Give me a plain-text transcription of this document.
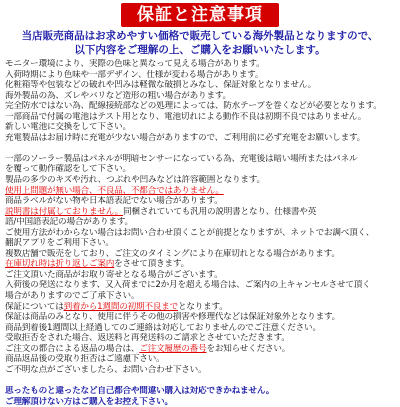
保証と注意事項
当店販売商品はお求めやすい価格で販売している海外製品となりますので、
以下内容をご理解の上、ご購入をお願いいたします。
モニター環境により、実際の色味と異なって見える場合があります。
入荷時期により色味や一部デザイン、仕様が変わる場合があります。
化粧箱等や包装などの破れや凹みは軽微な破損とみなし、保証対象となりません。
海外製品の為、ズレやバリなど造形の粗い場合があります。
完全防水ではない為、配線接続部などの処理によっては、防水テープを巻くなどが必要となります。
一部商品で付属の電池はテスト用となり、電池切れによる動作不良は初期不良ではありません。
新しい電池に交換をして下さい。
充電製品はお届け時に充電が少ない場合がありますので、ご利用前に必ず充電をお願いします。

一部のソーラー製品はパネルが明暗センサーになっている為、充電後は暗い場所またはパネル
を覆って動作確認をして下さい。
製品の多少のキズや汚れ、つぶれや凹みなどは許容範囲となります。
使用上問題が無い場合、不良品、不都合ではありません。
商品ラベルがない物や日本語表記でない場合があります。
説明書は付属しておりません。同梱されていても汎用の説明書となり、仕様書や英
語/中国語表記の場合があります。
ご使用方法がわからない場合はお問い合わせ頂くことが前提となりますが、ネットでお調べ頂く、
翻訳アプリをご利用下さい。
複数店舗で販売をしており、ご注文のタイミングにより在庫切れとなる場合があります。
在庫切れ時は折り返しご案内をさせて頂きます。
ご注文頂いた商品がお取り寄せとなる場合がございます。
入荷後の発送になります、又入荷までに2か月を超える場合は、ご案内の上キャンセルさせて頂く
場合がありますのでご了承下さい。
保証については到着から1週間の初期不良までとなります。
保証は商品のみとなり、使用に伴うその他の損害や修理代などは保証対象外となります。
商品到着後1週間以上経過してのご連絡は対応しておりませんのでご注意ください。
受取拒否をされた場合、返送料と再発送料のご請求とさせていただきます。
ご注文の都合による返品の場合は、ご注文履歴の番号をお知らせください。
商品返品後の受取り拒否はご遠慮下さい。
ご不明な点がございましたら、お問い合わせ下さい。

思ったものと違ったなど自己都合や間違い購入は対応できかねません。
ご理解頂けない方はご購入をお控え下さい。
